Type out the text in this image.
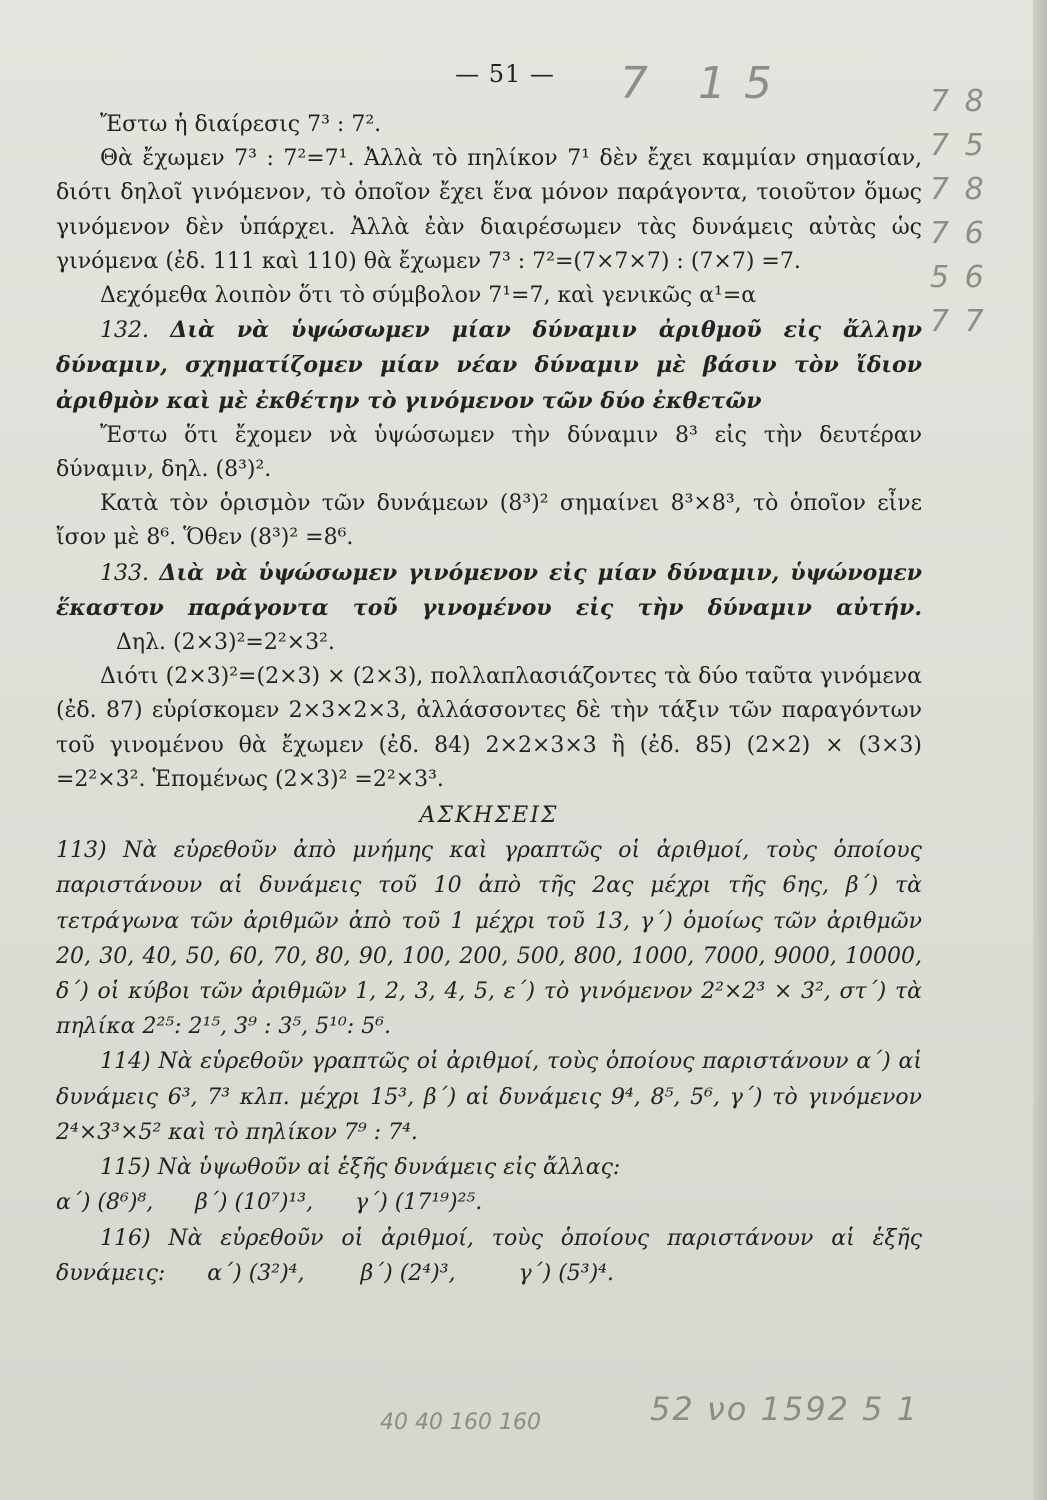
7 15	7 8 7 5 7 8 7 6 5 6 7 7
52 νο 1592 5 1
40 40 160 160
— 51 —

Ἔστω ἡ διαίρεσις 7³ : 7².

Θὰ ἔχωμεν 7³ : 7²=7¹. Ἀλλὰ τὸ πηλίκον 7¹ δὲν ἔχει καμμίαν σημασίαν, διότι δηλοῖ γινόμενον, τὸ ὁποῖον ἔχει ἕνα μόνον παράγοντα, τοιοῦτον ὅμως γινόμενον δὲν ὑπάρχει. Ἀλλὰ ἐὰν διαιρέσωμεν τὰς δυνάμεις αὐτὰς ὡς γινόμενα (ἐδ. 111 καὶ 110) θὰ ἔχωμεν 7³ : 7²=(7×7×7) : (7×7) =7.

Δεχόμεθα λοιπὸν ὅτι τὸ σύμβολον 7¹=7, καὶ γενικῶς α¹=α

132. Διὰ νὰ ὑψώσωμεν μίαν δύναμιν ἀριθμοῦ εἰς ἄλλην δύναμιν, σχηματίζομεν μίαν νέαν δύναμιν μὲ βάσιν τὸν ἴδιον ἀριθμὸν καὶ μὲ ἐκθέτην τὸ γινόμενον τῶν δύο ἐκθετῶν

Ἔστω ὅτι ἔχομεν νὰ ὑψώσωμεν τὴν δύναμιν 8³ εἰς τὴν δευτέραν δύναμιν, δηλ. (8³)².

Κατὰ τὸν ὁρισμὸν τῶν δυνάμεων (8³)² σημαίνει 8³×8³, τὸ ὁποῖον εἶνε ἴσον μὲ 8⁶. Ὅθεν (8³)² =8⁶.

133. Διὰ νὰ ὑψώσωμεν γινόμενον εἰς μίαν δύναμιν, ὑψώνομεν ἕκαστον παράγοντα τοῦ γινομένου εἰς τὴν δύναμιν αὐτήν. Δηλ. (2×3)²=2²×3².

Διότι (2×3)²=(2×3) × (2×3), πολλαπλασιάζοντες τὰ δύο ταῦτα γινόμενα (ἐδ. 87) εὑρίσκομεν 2×3×2×3, ἀλλάσσοντες δὲ τὴν τάξιν τῶν παραγόντων τοῦ γινομένου θὰ ἔχωμεν (ἐδ. 84) 2×2×3×3 ἢ (ἐδ. 85) (2×2) × (3×3) =2²×3². Ἑπομένως (2×3)² =2²×3³.

ΑΣΚΗΣΕΙΣ

113) Νὰ εὑρεθοῦν ἀπὸ μνήμης καὶ γραπτῶς οἱ ἀριθμοί, τοὺς ὁποίους παριστάνουν αἱ δυνάμεις τοῦ 10 ἀπὸ τῆς 2ας μέχρι τῆς 6ης, β΄) τὰ τετράγωνα τῶν ἀριθμῶν ἀπὸ τοῦ 1 μέχρι τοῦ 13, γ΄) ὁμοίως τῶν ἀριθμῶν 20, 30, 40, 50, 60, 70, 80, 90, 100, 200, 500, 800, 1000, 7000, 9000, 10000, δ΄) οἱ κύβοι τῶν ἀριθμῶν 1, 2, 3, 4, 5, ε΄) τὸ γινόμενον 2²×2³ × 3², στ΄) τὰ πηλίκα 2²⁵: 2¹⁵, 3⁹ : 3⁵, 5¹⁰: 5⁶.

114) Νὰ εὑρεθοῦν γραπτῶς οἱ ἀριθμοί, τοὺς ὁποίους παριστάνουν α΄) αἱ δυνάμεις 6³, 7³ κλπ. μέχρι 15³, β΄) αἱ δυνάμεις 9⁴, 8⁵, 5⁶, γ΄) τὸ γινόμενον 2⁴×3³×5² καὶ τὸ πηλίκον 7⁹ : 7⁴.

115) Νὰ ὑψωθοῦν αἱ ἑξῆς δυνάμεις εἰς ἄλλας:

α΄) (8⁶)⁸,      β΄) (10⁷)¹³,      γ΄) (17¹⁹)²⁵.

116) Νὰ εὑρεθοῦν οἱ ἀριθμοί, τοὺς ὁποίους παριστάνουν αἱ ἑξῆς δυνάμεις:      α΄) (3²)⁴,        β΄) (2⁴)³,         γ΄) (5³)⁴.
